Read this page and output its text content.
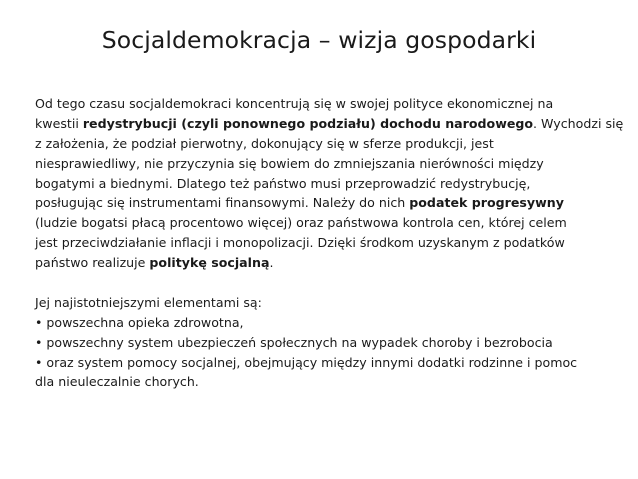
Socjaldemokracja – wizja gospodarki
Od tego czasu socjaldemokraci koncentrują się w swojej polityce ekonomicznej na
kwestii redystrybucji (czyli ponownego podziału) dochodu narodowego. Wychodzi się
z założenia, że podział pierwotny, dokonujący się w sferze produkcji, jest
niesprawiedliwy, nie przyczynia się bowiem do zmniejszania nierówności między
bogatymi a biednymi. Dlatego też państwo musi przeprowadzić redystrybucję,
posługując się instrumentami finansowymi. Należy do nich podatek progresywny
(ludzie bogatsi płacą procentowo więcej) oraz państwowa kontrola cen, której celem
jest przeciwdziałanie inflacji i monopolizacji. Dzięki środkom uzyskanym z podatków
państwo realizuje politykę socjalną.
Jej najistotniejszymi elementami są:
• powszechna opieka zdrowotna,
• powszechny system ubezpieczeń społecznych na wypadek choroby i bezrobocia
• oraz system pomocy socjalnej, obejmujący między innymi dodatki rodzinne i pomoc
dla nieuleczalnie chorych.
